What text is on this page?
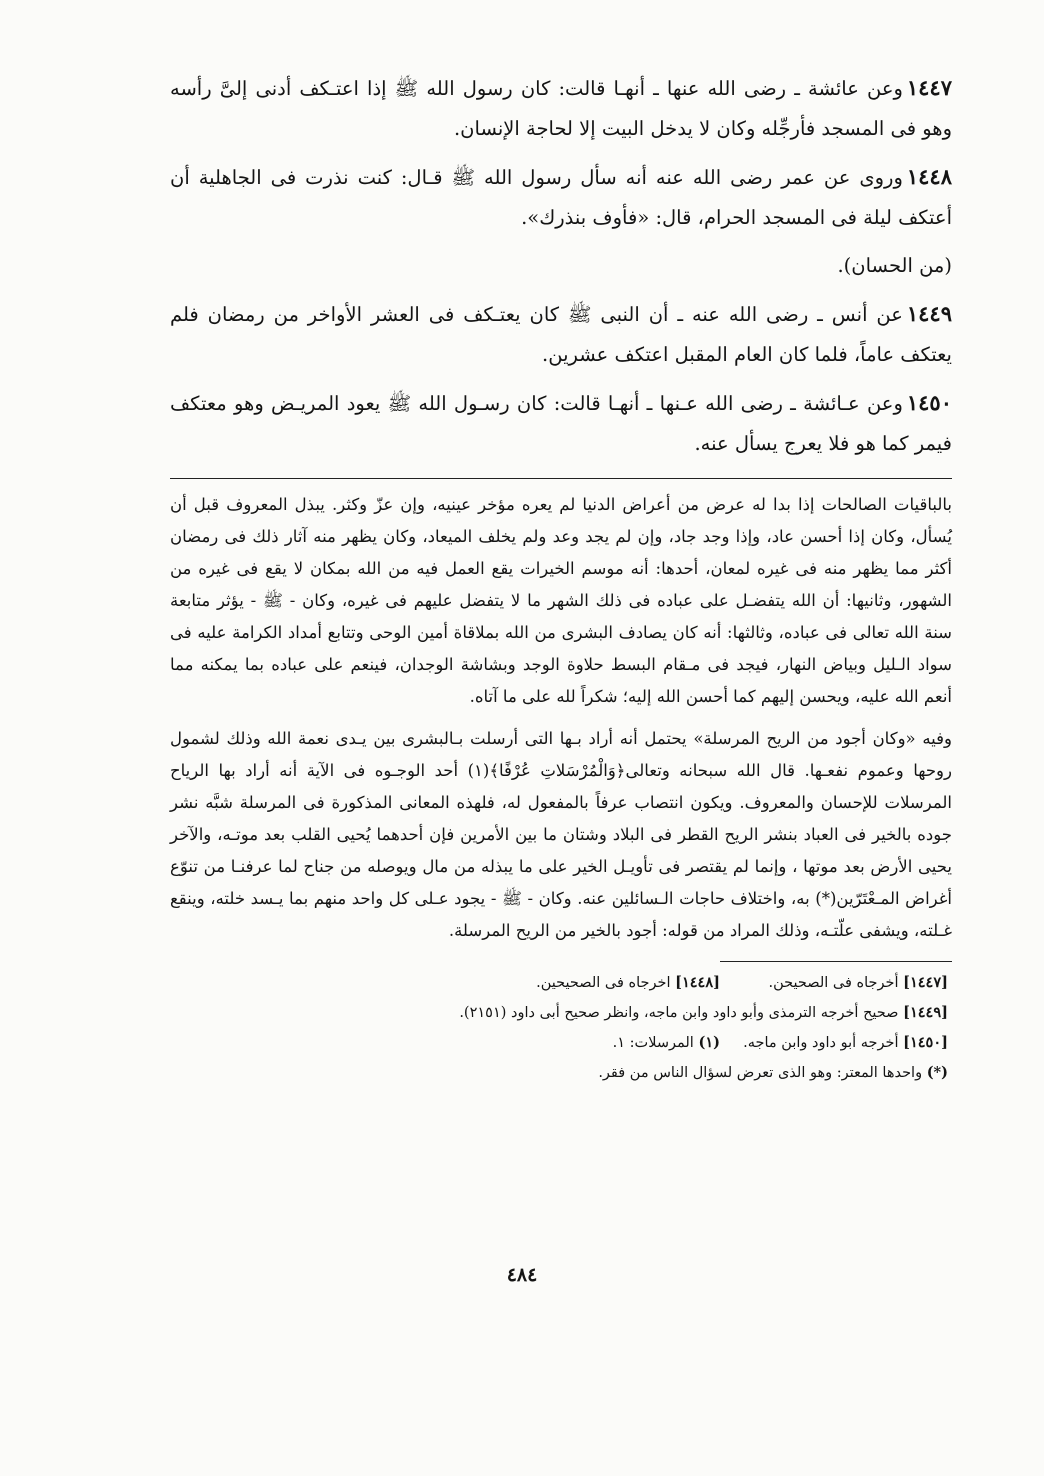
١٤٤٧وعن عائشة ـ رضى الله عنها ـ أنهـا قالت: كان رسول الله ﷺ إذا اعتـكف أدنى إلىَّ رأسه وهو فى المسجد فأرجِّله وكان لا يدخل البيت إلا لحاجة الإنسان.

١٤٤٨وروى عن عمر رضى الله عنه أنه سأل رسول الله ﷺ قـال: كنت نذرت فى الجاهلية أن أعتكف ليلة فى المسجد الحرام، قال: «فأوف بنذرك».

(من الحسان).

١٤٤٩عن أنس ـ رضى الله عنه ـ أن النبى ﷺ كان يعتـكف فى العشر الأواخر من رمضان فلم يعتكف عاماً، فلما كان العام المقبل اعتكف عشرين.

١٤٥٠وعن عـائشة ـ رضى الله عـنها ـ أنهـا قالت: كان رسـول الله ﷺ يعود المريـض وهو معتكف فيمر كما هو فلا يعرج يسأل عنه.

بالباقيات الصالحات إذا بدا له عرض من أعراض الدنيا لم يعره مؤخر عينيه، وإن عزّ وكثر. يبذل المعروف قبل أن يُسأل، وكان إذا أحسن عاد، وإذا وجد جاد، وإن لم يجد وعد ولم يخلف الميعاد، وكان يظهر منه آثار ذلك فى رمضان أكثر مما يظهر منه فى غيره لمعان، أحدها: أنه موسم الخيرات يقع العمل فيه من الله بمكان لا يقع فى غيره من الشهور، وثانيها: أن الله يتفضـل على عباده فى ذلك الشهر ما لا يتفضل عليهم فى غيره، وكان - ﷺ - يؤثر متابعة سنة الله تعالى فى عباده، وثالثها: أنه كان يصادف البشرى من الله بملاقاة أمين الوحى وتتابع أمداد الكرامة عليه فى سواد الـليل وبياض النهار، فيجد فى مـقام البسط حلاوة الوجد وبشاشة الوجدان، فينعم على عباده بما يمكنه مما أنعم الله عليه، ويحسن إليهم كما أحسن الله إليه؛ شكراً لله على ما آتاه.

وفيه «وكان أجود من الريح المرسلة» يحتمل أنه أراد بـها التى أرسلت بـالبشرى بين يـدى نعمة الله وذلك لشمول روحها وعموم نفعـها. قال الله سبحانه وتعالى﴿وَالْمُرْسَلاتِ عُرْفًا﴾(١) أحد الوجـوه فى الآية أنه أراد بها الرياح المرسلات للإحسان والمعروف. ويكون انتصاب عرفاً بالمفعول له، فلهذه المعانى المذكورة فى المرسلة شبَّه نشر جوده بالخير فى العباد بنشر الريح القطر فى البلاد وشتان ما بين الأمرين فإن أحدهما يُحيى القلب بعد موتـه، والآخر يحيى الأرض بعد موتها ، وإنما لم يقتصر فى تأويـل الخير على ما يبذله من مال ويوصله من جناح لما عرفنـا من تنوّع أغراض المـعْتَرّين(*) به، واختلاف حاجات الـسائلين عنه. وكان - ﷺ - يجود عـلى كل واحد منهم بما يـسد خلته، وينقع غـلته، ويشفى علّتـه، وذلك المراد من قوله: أجود بالخير من الريح المرسلة.

[١٤٤٧] أخرجاه فى الصحيحن.
[١٤٤٨] اخرجاه فى الصحيحين.
[١٤٤٩] صحيح أخرجه الترمذى وأبو داود وابن ماجه، وانظر صحيح أبى داود (٢١٥١).
[١٤٥٠] أخرجه أبو داود وابن ماجه.
(١) المرسلات: ١.
(*) واحدها المعتر: وهو الذى تعرض لسؤال الناس من فقر.
٤٨٤
